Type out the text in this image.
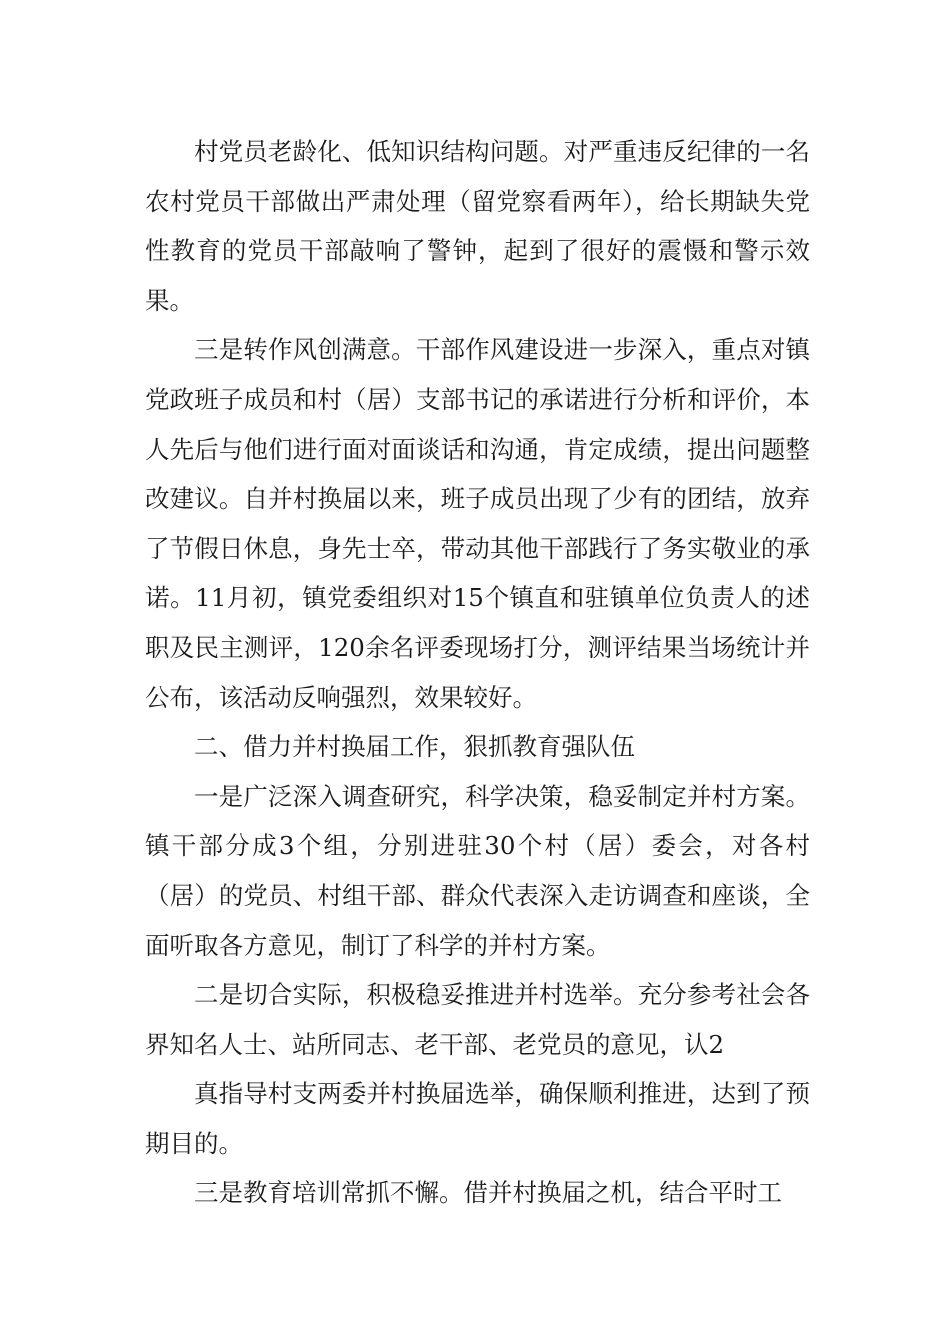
村党员老龄化、低知识结构问题。对严重违反纪律的一名农村党员干部做出严肃处理（留党察看两年），给长期缺失党性教育的党员干部敲响了警钟，起到了很好的震慑和警示效果。

三是转作风创满意。干部作风建设进一步深入，重点对镇党政班子成员和村（居）支部书记的承诺进行分析和评价，本人先后与他们进行面对面谈话和沟通，肯定成绩，提出问题整改建议。自并村换届以来，班子成员出现了少有的团结，放弃了节假日休息，身先士卒，带动其他干部践行了务实敬业的承诺。11月初，镇党委组织对15个镇直和驻镇单位负责人的述职及民主测评，120余名评委现场打分，测评结果当场统计并公布，该活动反响强烈，效果较好。

二、借力并村换届工作，狠抓教育强队伍

一是广泛深入调查研究，科学决策，稳妥制定并村方案。镇干部分成3个组，分别进驻30个村（居）委会，对各村（居）的党员、村组干部、群众代表深入走访调查和座谈，全面听取各方意见，制订了科学的并村方案。

二是切合实际，积极稳妥推进并村选举。充分参考社会各界知名人士、站所同志、老干部、老党员的意见，认2

真指导村支两委并村换届选举，确保顺利推进，达到了预期目的。

三是教育培训常抓不懈。借并村换届之机，结合平时工
